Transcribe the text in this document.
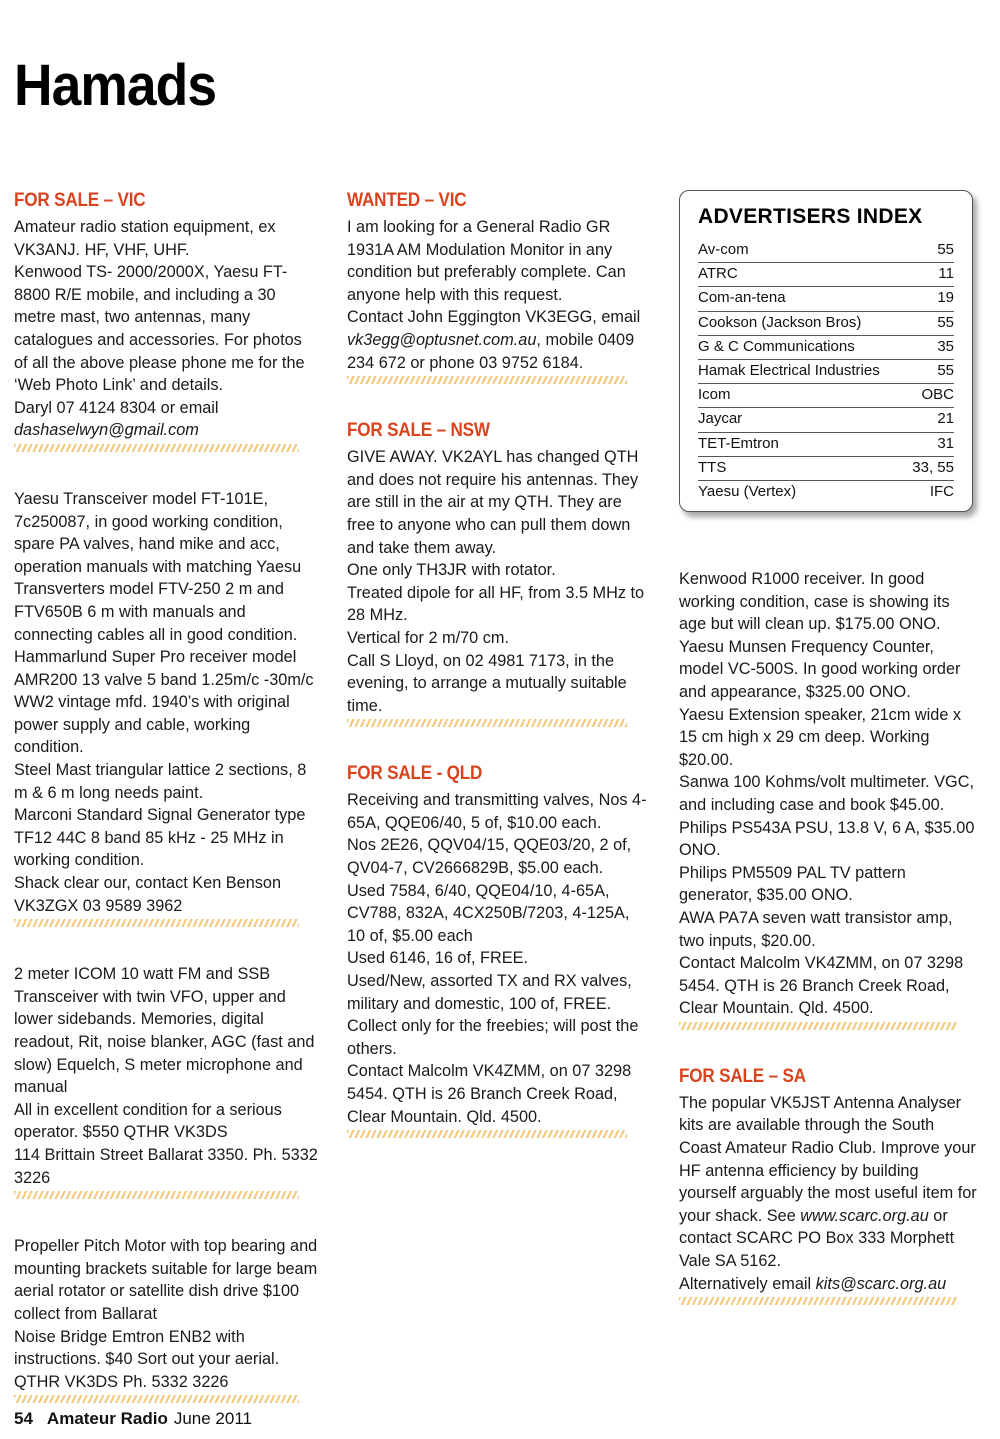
Hamads
FOR SALE – VIC

Amateur radio station equipment, ex VK3ANJ. HF, VHF, UHF.

Kenwood TS- 2000/2000X, Yaesu FT-8800 R/E mobile, and including a 30 metre mast, two antennas, many catalogues and accessories. For photos of all the above please phone me for the ‘Web Photo Link’ and details.

Daryl 07 4124 8304 or email

dashaselwyn@gmail.com

Yaesu Transceiver model FT-101E, 7c250087, in good working condition, spare PA valves, hand mike and acc, operation manuals with matching Yaesu Transverters model FTV-250 2 m and FTV650B 6 m with manuals and connecting cables all in good condition.

Hammarlund Super Pro receiver model AMR200 13 valve 5 band 1.25m/c -30m/c WW2 vintage mfd. 1940’s with original power supply and cable, working condition.

Steel Mast triangular lattice 2 sections, 8 m & 6 m long needs paint.

Marconi Standard Signal Generator type TF12 44C 8 band 85 kHz - 25 MHz in working condition.

Shack clear our, contact Ken Benson VK3ZGX 03 9589 3962

2 meter ICOM 10 watt FM and SSB Transceiver with twin VFO, upper and lower sidebands. Memories, digital readout, Rit, noise blanker, AGC (fast and slow) Equelch, S meter microphone and manual

All in excellent condition for a serious operator. $550 QTHR VK3DS

114 Brittain Street Ballarat 3350. Ph. 5332 3226

Propeller Pitch Motor with top bearing and mounting brackets suitable for large beam aerial rotator or satellite dish drive $100 collect from Ballarat

Noise Bridge Emtron ENB2 with instructions. $40 Sort out your aerial.

QTHR VK3DS Ph. 5332 3226

WANTED – VIC

I am looking for a General Radio GR 1931A AM Modulation Monitor in any condition but preferably complete. Can anyone help with this request.

Contact John Eggington VK3EGG, email vk3egg@optusnet.com.au, mobile 0409 234 672 or phone 03 9752 6184.

FOR SALE – NSW

GIVE AWAY. VK2AYL has changed QTH and does not require his antennas. They are still in the air at my QTH. They are free to anyone who can pull them down and take them away.

One only TH3JR with rotator.

Treated dipole for all HF, from 3.5 MHz to 28 MHz.

Vertical for 2 m/70 cm.

Call S Lloyd, on 02 4981 7173, in the evening, to arrange a mutually suitable time.

FOR SALE - QLD

Receiving and transmitting valves, Nos 4-65A, QQE06/40, 5 of, $10.00 each.

Nos 2E26, QQV04/15, QQE03/20, 2 of, QV04-7, CV2666829B, $5.00 each.

Used 7584, 6/40, QQE04/10, 4-65A, CV788, 832A, 4CX250B/7203, 4-125A, 10 of, $5.00 each

Used 6146, 16 of, FREE.

Used/New, assorted TX and RX valves, military and domestic, 100 of, FREE.

Collect only for the freebies; will post the others.

Contact Malcolm VK4ZMM, on 07 3298 5454. QTH is 26 Branch Creek Road, Clear Mountain. Qld. 4500.

ADVERTISERS INDEX
Av-com	55
ATRC	11
Com-an-tena	19
Cookson (Jackson Bros)	55
G & C Communications	35
Hamak Electrical Industries	55
Icom	OBC
Jaycar	21
TET-Emtron	31
TTS	33, 55
Yaesu (Vertex)	IFC

Kenwood R1000 receiver. In good working condition, case is showing its age but will clean up. $175.00 ONO.

Yaesu Munsen Frequency Counter, model VC-500S. In good working order and appearance, $325.00 ONO.

Yaesu Extension speaker, 21cm wide x 15 cm high x 29 cm deep. Working $20.00.

Sanwa 100 Kohms/volt multimeter. VGC, and including case and book $45.00.

Philips PS543A PSU, 13.8 V, 6 A, $35.00 ONO.

Philips PM5509 PAL TV pattern generator, $35.00 ONO.

AWA PA7A seven watt transistor amp, two inputs, $20.00.

Contact Malcolm VK4ZMM, on 07 3298 5454. QTH is 26 Branch Creek Road, Clear Mountain. Qld. 4500.

FOR SALE – SA

The popular VK5JST Antenna Analyser kits are available through the South Coast Amateur Radio Club. Improve your HF antenna efficiency by building yourself arguably the most useful item for your shack. See www.scarc.org.au or contact SCARC PO Box 333 Morphett Vale SA 5162.

Alternatively email kits@scarc.org.au

54 Amateur Radio June 2011
